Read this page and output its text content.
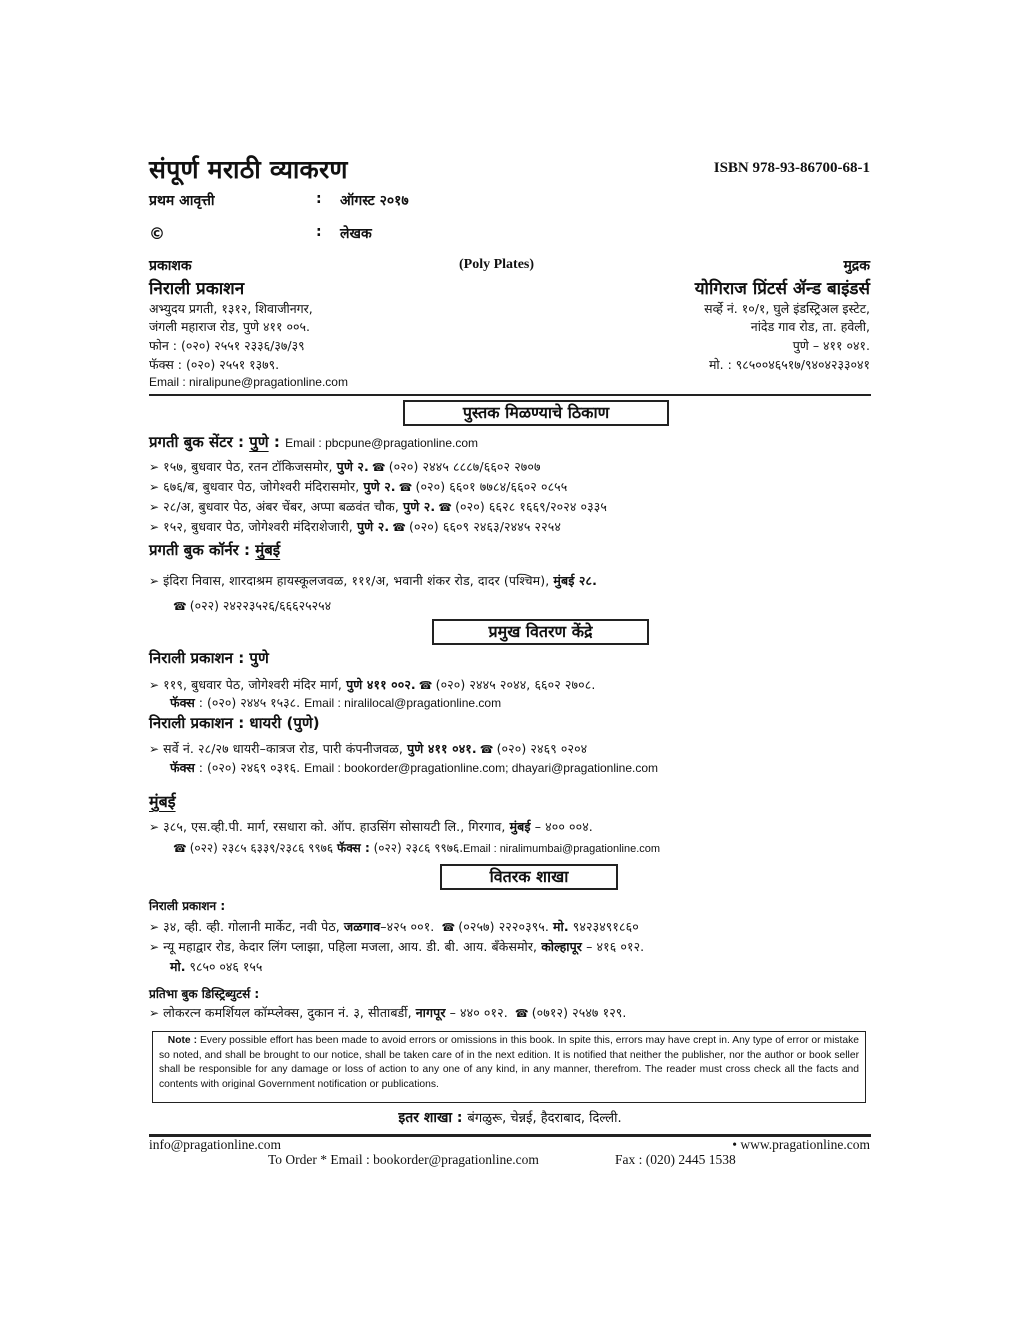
संपूर्ण मराठी व्याकरण	ISBN 978-93-86700-68-1
प्रथम आवृत्ती	: ऑगस्ट २०१७
©	: लेखक
प्रकाशक
निराली प्रकाशन
अभ्युदय प्रगती, १३१२, शिवाजीनगर,
जंगली महाराज रोड, पुणे ४११ ००५.
फोन : (०२०) २५५१ २३३६/३७/३९
फॅक्स : (०२०) २५५१ १३७९.
Email : niralipune@pragationline.com
(Poly Plates)	मुद्रक
योगिराज प्रिंटर्स ॲन्ड बाइंडर्स
सर्व्हे नं. १०/१, घुले इंडस्ट्रिअल इस्टेट,
नांदेड गाव रोड, ता. हवेली,
पुणे – ४११ ०४१.
मो. : ९८५००४६५१७/९४०४२३३०४१
पुस्तक मिळण्याचे ठिकाण
प्रगती बुक सेंटर : पुणे : Email : pbcpune@pragationline.com
➢ १५७, बुधवार पेठ, रतन टॉकिजसमोर, पुणे २. ☎ (०२०) २४४५ ८८८७/६६०२ २७०७
➢ ६७६/ब, बुधवार पेठ, जोगेश्वरी मंदिरासमोर, पुणे २. ☎ (०२०) ६६०१ ७७८४/६६०२ ०८५५
➢ २८/अ, बुधवार पेठ, अंबर चेंबर, अप्पा बळवंत चौक, पुणे २. ☎ (०२०) ६६२८ १६६९/२०२४ ०३३५
➢ १५२, बुधवार पेठ, जोगेश्वरी मंदिराशेजारी, पुणे २. ☎ (०२०) ६६०९ २४६३/२४४५ २२५४
प्रगती बुक कॉर्नर : मुंबई
➢ इंदिरा निवास, शारदाश्रम हायस्कूलजवळ, १११/अ, भवानी शंकर रोड, दादर (पश्चिम), मुंबई २८.
☎ (०२२) २४२२३५२६/६६६२५२५४
प्रमुख वितरण केंद्रे
निराली प्रकाशन : पुणे
➢ ११९, बुधवार पेठ, जोगेश्वरी मंदिर मार्ग, पुणे ४११ ००२. ☎ (०२०) २४४५ २०४४, ६६०२ २७०८.
फॅक्स : (०२०) २४४५ १५३८. Email : niralilocal@pragationline.com
निराली प्रकाशन : धायरी (पुणे)
➢ सर्वे नं. २८/२७ धायरी–कात्रज रोड, पारी कंपनीजवळ, पुणे ४११ ०४१. ☎ (०२०) २४६९ ०२०४
फॅक्स : (०२०) २४६९ ०३१६. Email : bookorder@pragationline.com; dhayari@pragationline.com
मुंबई
➢ ३८५, एस.व्ही.पी. मार्ग, रसधारा को. ऑप. हाउसिंग सोसायटी लि., गिरगाव, मुंबई – ४०० ००४.
☎ (०२२) २३८५ ६३३९/२३८६ ९९७६ फॅक्स : (०२२) २३८६ ९९७६.Email : niralimumbai@pragationline.com
वितरक शाखा
निराली प्रकाशन :
➢ ३४, व्ही. व्ही. गोलानी मार्केट, नवी पेठ, जळगाव–४२५ ००१. ☎ (०२५७) २२२०३९५. मो. ९४२३४९१८६०
➢ न्यू महाद्वार रोड, केदार लिंग प्लाझा, पहिला मजला, आय. डी. बी. आय. बॅंकेसमोर, कोल्हापूर – ४१६ ०१२.
मो. ९८५० ०४६ १५५
प्रतिभा बुक डिस्ट्रिब्युटर्स :
➢ लोकरत्न कमर्शियल कॉम्प्लेक्स, दुकान नं. ३, सीताबर्डी, नागपूर – ४४० ०१२. ☎ (०७१२) २५४७ १२९.
Note : Every possible effort has been made to avoid errors or omissions in this book. In spite this, errors may have crept in. Any type of error or mistake so noted, and shall be brought to our notice, shall be taken care of in the next edition. It is notified that neither the publisher, nor the author or book seller shall be responsible for any damage or loss of action to any one of any kind, in any manner, therefrom. The reader must cross check all the facts and contents with original Government notification or publications.
इतर शाखा : बंगळुरू, चेन्नई, हैदराबाद, दिल्ली.
info@pragationline.com	• www.pragationline.com
To Order * Email : bookorder@pragationline.com	Fax : (020) 2445 1538
